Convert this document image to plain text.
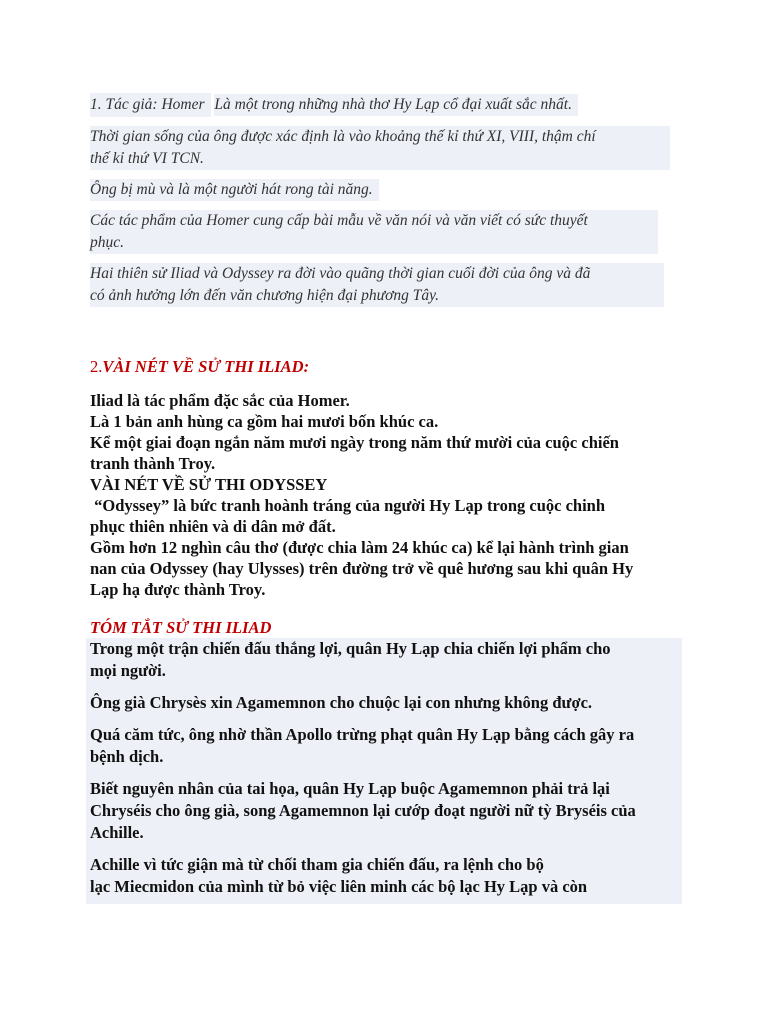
1. Tác giả: Homer
Là một trong những nhà thơ Hy Lạp cổ đại xuất sắc nhất.
Thời gian sống của ông được xác định là vào khoảng thế kỉ thứ XI, VIII, thậm chí
thế kỉ thứ VI TCN.
Ông bị mù và là một người hát rong tài năng.
Các tác phẩm của Homer cung cấp bài mẫu về văn nói và văn viết có sức thuyết
phục.
Hai thiên sử Iliad và Odyssey ra đời vào quãng thời gian cuối đời của ông và đã
có ảnh hưởng lớn đến văn chương hiện đại phương Tây.
2.VÀI NÉT VỀ SỬ THI ILIAD:
Iliad là tác phẩm đặc sắc của Homer.
Là 1 bản anh hùng ca gồm hai mươi bốn khúc ca.
Kể một giai đoạn ngắn năm mươi ngày trong năm thứ mười của cuộc chiến
tranh thành Troy.
VÀI NÉT VỀ SỬ THI ODYSSEY
“Odyssey” là bức tranh hoành tráng của người Hy Lạp trong cuộc chinh
phục thiên nhiên và di dân mở đất.
Gồm hơn 12 nghìn câu thơ (được chia làm 24 khúc ca) kể lại hành trình gian
nan của Odyssey (hay Ulysses) trên đường trở về quê hương sau khi quân Hy
Lạp hạ được thành Troy.
TÓM TẮT SỬ THI ILIAD
Trong một trận chiến đấu thắng lợi, quân Hy Lạp chia chiến lợi phẩm cho
mọi người.
Ông già Chrysès xin Agamemnon cho chuộc lại con nhưng không được.
Quá căm tức, ông nhờ thần Apollo trừng phạt quân Hy Lạp bằng cách gây ra
bệnh dịch.
Biết nguyên nhân của tai họa, quân Hy Lạp buộc Agamemnon phải trả lại
Chryséis cho ông già, song Agamemnon lại cướp đoạt người nữ tỳ Bryséis của
Achille.
Achille vì tức giận mà từ chối tham gia chiến đấu, ra lệnh cho bộ
lạc Miecmidon của mình từ bỏ việc liên minh các bộ lạc Hy Lạp và còn
